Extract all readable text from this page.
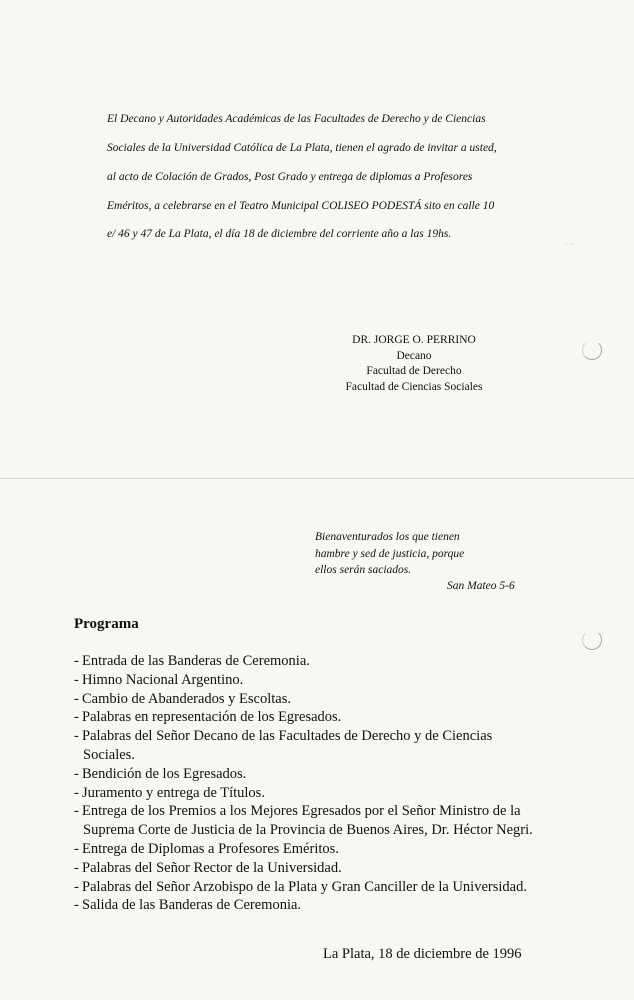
El Decano y Autoridades Académicas de las Facultades de Derecho y de Ciencias
Sociales de la Universidad Católica de La Plata, tienen el agrado de invitar a usted,
al acto de Colación de Grados, Post Grado y entrega de diplomas a Profesores
Eméritos, a celebrarse en el Teatro Municipal COLISEO PODESTÁ sito en calle 10
e/ 46 y 47 de La Plata, el día 18 de diciembre del corriente año a las 19hs.
˙ˑ·
DR. JORGE O. PERRINO
Decano
Facultad de Derecho
Facultad de Ciencias Sociales
Bienaventurados los que tienen
hambre y sed de justicia, porque
ellos serán saciados.
San Mateo 5-6
Programa
- Entrada de las Banderas de Ceremonia.
- Himno Nacional Argentino.
- Cambio de Abanderados y Escoltas.
- Palabras en representación de los Egresados.
- Palabras del Señor Decano de las Facultades de Derecho y de Ciencias
Sociales.
- Bendición de los Egresados.
- Juramento y entrega de Títulos.
- Entrega de los Premios a los Mejores Egresados por el Señor Ministro de la
Suprema Corte de Justicia de la Provincia de Buenos Aires, Dr. Héctor Negri.
- Entrega de Diplomas a Profesores Eméritos.
- Palabras del Señor Rector de la Universidad.
- Palabras del Señor Arzobispo de la Plata y Gran Canciller de la Universidad.
- Salida de las Banderas de Ceremonia.
La Plata, 18 de diciembre de 1996
